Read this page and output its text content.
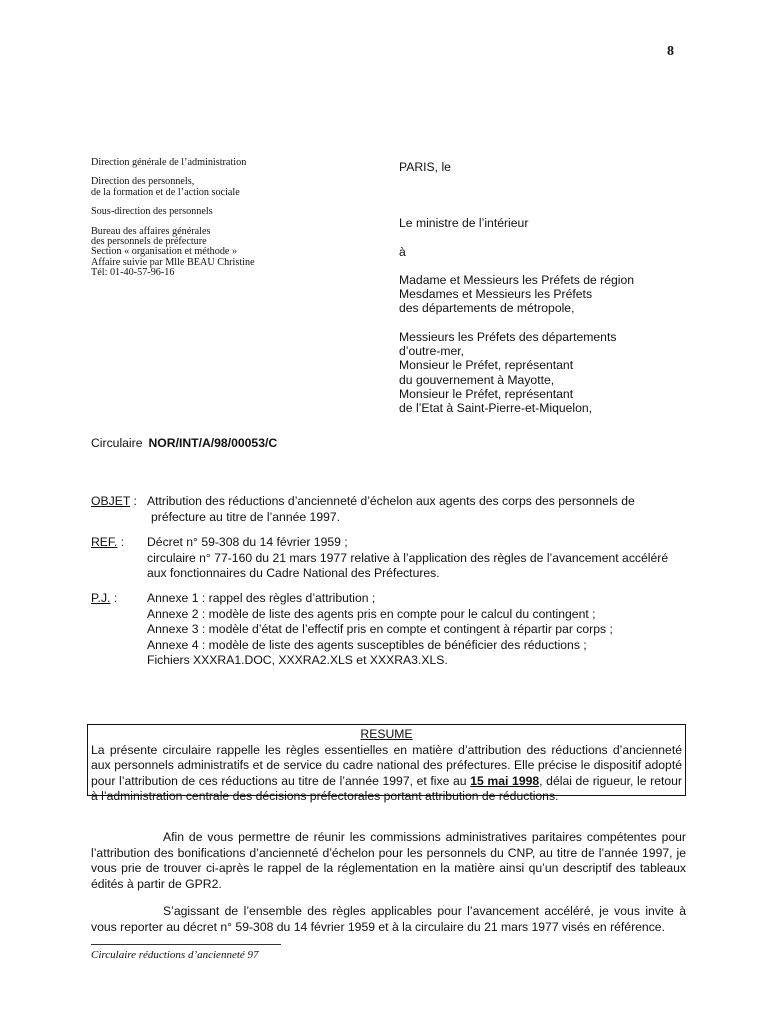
8
Direction générale de l’administration
Direction des personnels,
de la formation et de l’action sociale
Sous-direction des personnels
Bureau des affaires générales
des personnels de préfecture
Section « organisation et méthode »
Affaire suivie par Mlle BEAU Christine
Tél: 01-40-57-96-16
PARIS, le
Le ministre de l’intérieur
à
Madame et Messieurs les Préfets de région
Mesdames et Messieurs les Préfets
des départements de métropole,
Messieurs les Préfets des départements
d’outre-mer,
Monsieur le Préfet, représentant
du gouvernement à Mayotte,
Monsieur le Préfet, représentant
de l’Etat à Saint-Pierre-et-Miquelon,
Circulaire NOR/INT/A/98/00053/C
OBJET : Attribution des réductions d’ancienneté d’échelon aux agents des corps des personnels de
préfecture au titre de l’année 1997.
REF. : Décret n° 59-308 du 14 février 1959 ;
circulaire n° 77-160 du 21 mars 1977 relative à l’application des règles de l’avancement accéléré
aux fonctionnaires du Cadre National des Préfectures.
P.J. : Annexe 1 : rappel des règles d’attribution ;
Annexe 2 : modèle de liste des agents pris en compte pour le calcul du contingent ;
Annexe 3 : modèle d’état de l’effectif pris en compte et contingent à répartir par corps ;
Annexe 4 : modèle de liste des agents susceptibles de bénéficier des réductions ;
Fichiers XXXRA1.DOC, XXXRA2.XLS et XXXRA3.XLS.
RESUME
La présente circulaire rappelle les règles essentielles en matière d’attribution des réductions d’ancienneté aux personnels administratifs et de service du cadre national des préfectures. Elle précise le dispositif adopté pour l’attribution de ces réductions au titre de l’année 1997, et fixe au 15 mai 1998, délai de rigueur, le retour à l’administration centrale des décisions préfectorales portant attribution de réductions.
Afin de vous permettre de réunir les commissions administratives paritaires compétentes pour l’attribution des bonifications d’ancienneté d’échelon pour les personnels du CNP, au titre de l’année 1997, je vous prie de trouver ci-après le rappel de la réglementation en la matière ainsi qu’un descriptif des tableaux édités à partir de GPR2.
S’agissant de l’ensemble des règles applicables pour l’avancement accéléré, je vous invite à vous reporter au décret n° 59-308 du 14 février 1959 et à la circulaire du 21 mars 1977 visés en référence.
Circulaire réductions d’ancienneté 97
